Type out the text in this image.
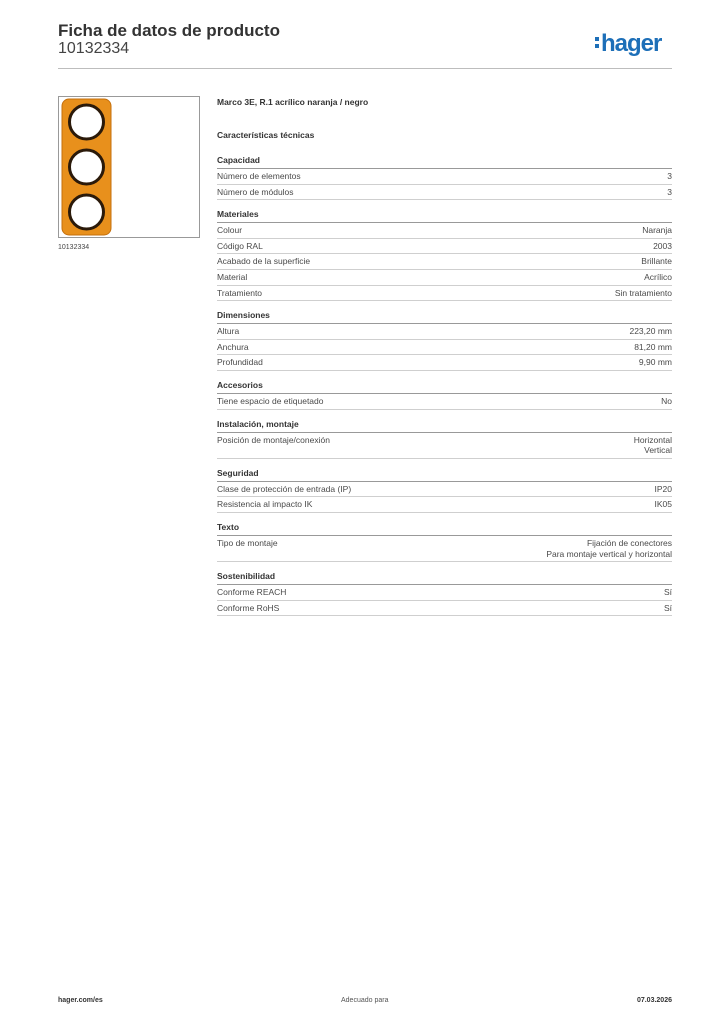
Ficha de datos de producto
10132334	hager
10132334
Marco 3E, R.1 acrílico naranja / negro
Características técnicas
Capacidad
Número de elementos	3
Número de módulos	3
Materiales
Colour	Naranja
Código RAL	2003
Acabado de la superficie	Brillante
Material	Acrílico
Tratamiento	Sin tratamiento
Dimensiones
Altura	223,20 mm
Anchura	81,20 mm
Profundidad	9,90 mm
Accesorios
Tiene espacio de etiquetado	No
Instalación, montaje
Posición de montaje/conexión	Horizontal
Vertical
Seguridad
Clase de protección de entrada (IP)	IP20
Resistencia al impacto IK	IK05
Texto
Tipo de montaje	Fijación de conectores
Para montaje vertical y horizontal
Sostenibilidad
Conforme REACH	Sí
Conforme RoHS	Sí
hager.com/es	Adecuado para	07.03.2026
